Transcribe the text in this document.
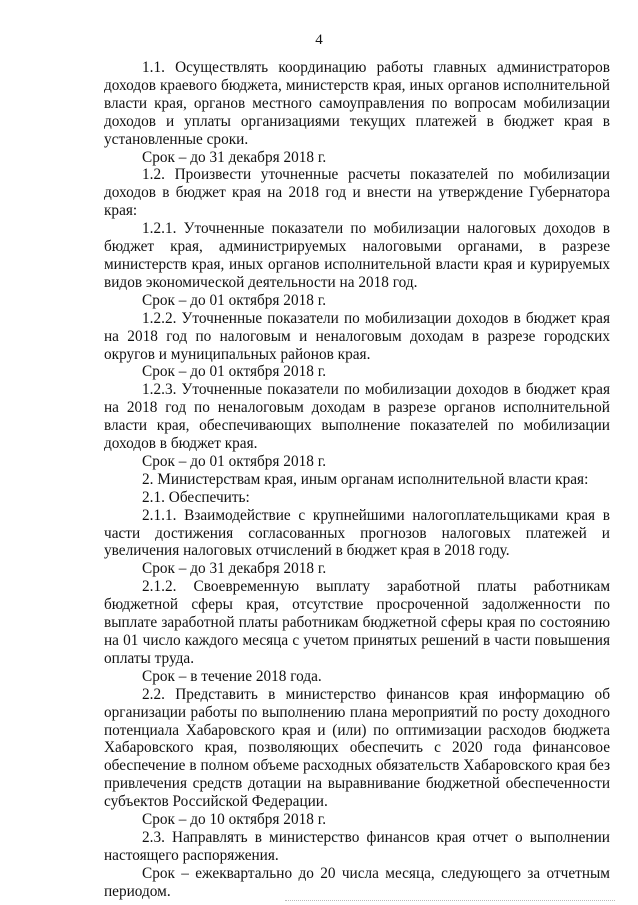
4

1.1. Осуществлять координацию работы главных администраторов доходов краевого бюджета, министерств края, иных органов исполнительной власти края, органов местного самоуправления по вопросам мобилизации доходов и уплаты организациями текущих платежей в бюджет края в установленные сроки.

Срок – до 31 декабря 2018 г.

1.2. Произвести уточненные расчеты показателей по мобилизации доходов в бюджет края на 2018 год и внести на утверждение Губернатора края:

1.2.1. Уточненные показатели по мобилизации налоговых доходов в бюджет края, администрируемых налоговыми органами, в разрезе министерств края, иных органов исполнительной власти края и курируемых видов экономической деятельности на 2018 год.

Срок – до 01 октября 2018 г.

1.2.2. Уточненные показатели по мобилизации доходов в бюджет края на 2018 год по налоговым и неналоговым доходам в разрезе городских округов и муниципальных районов края.

Срок – до 01 октября 2018 г.

1.2.3. Уточненные показатели по мобилизации доходов в бюджет края на 2018 год по неналоговым доходам в разрезе органов исполнительной власти края, обеспечивающих выполнение показателей по мобилизации доходов в бюджет края.

Срок – до 01 октября 2018 г.

2. Министерствам края, иным органам исполнительной власти края:

2.1. Обеспечить:

2.1.1. Взаимодействие с крупнейшими налогоплательщиками края в части достижения согласованных прогнозов налоговых платежей и увеличения налоговых отчислений в бюджет края в 2018 году.

Срок – до 31 декабря 2018 г.

2.1.2. Своевременную выплату заработной платы работникам бюджетной сферы края, отсутствие просроченной задолженности по выплате заработной платы работникам бюджетной сферы края по состоянию на 01 число каждого месяца с учетом принятых решений в части повышения оплаты труда.

Срок – в течение 2018 года.

2.2. Представить в министерство финансов края информацию об организации работы по выполнению плана мероприятий по росту доходного потенциала Хабаровского края и (или) по оптимизации расходов бюджета Хабаровского края, позволяющих обеспечить с 2020 года финансовое обеспечение в полном объеме расходных обязательств Хабаровского края без привлечения средств дотации на выравнивание бюджетной обеспеченности субъектов Российской Федерации.

Срок – до 10 октября 2018 г.

2.3. Направлять в министерство финансов края отчет о выполнении настоящего распоряжения.

Срок – ежеквартально до 20 числа месяца, следующего за отчетным периодом.
